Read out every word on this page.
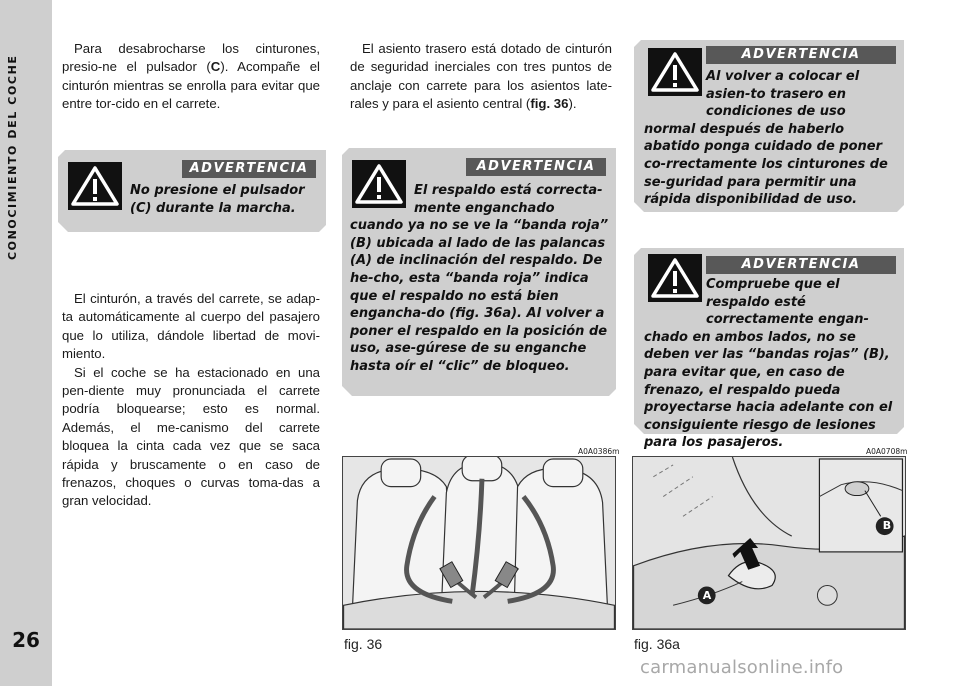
CONOCIMIENTO DEL COCHE
26

Para desabrocharse los cinturones, presio-ne el pulsador (C). Acompañe el cinturón mientras se enrolla para evitar que entre tor-cido en el carrete.

ADVERTENCIA
No presione el pulsador (C) durante la marcha.

El cinturón, a través del carrete, se adap-ta automáticamente al cuerpo del pasajero que lo utiliza, dándole libertad de movi-miento.

Si el coche se ha estacionado en una pen-diente muy pronunciada el carrete podría bloquearse; esto es normal. Además, el me-canismo del carrete bloquea la cinta cada vez que se saca rápida y bruscamente o en caso de frenazos, choques o curvas toma-das a gran velocidad.

El asiento trasero está dotado de cinturón de seguridad inerciales con tres puntos de anclaje con carrete para los asientos late-rales y para el asiento central (fig. 36).

ADVERTENCIA
El respaldo está correcta-mente enganchado cuando ya no se ve la “banda roja” (B) ubicada al lado de las palancas (A) de inclinación del respaldo. De he-cho, esta “banda roja” indica que el respaldo no está bien engancha-do (fig. 36a). Al volver a poner el respaldo en la posición de uso, ase-gúrese de su enganche hasta oír el “clic” de bloqueo.
ADVERTENCIA
Al volver a colocar el asien-to trasero en condiciones de uso normal después de haberlo abatido ponga cuidado de poner co-rrectamente los cinturones de se-guridad para permitir una rápida disponibilidad de uso.
ADVERTENCIA
Compruebe que el respaldo esté correctamente engan-chado en ambos lados, no se deben ver las “bandas rojas” (B), para evitar que, en caso de frenazo, el respaldo pueda proyectarse hacia adelante con el consiguiente riesgo de lesiones para los pasajeros.
A0A0386m
fig. 36
A0A0708m
A
B
fig. 36a
carmanualsonline.info
